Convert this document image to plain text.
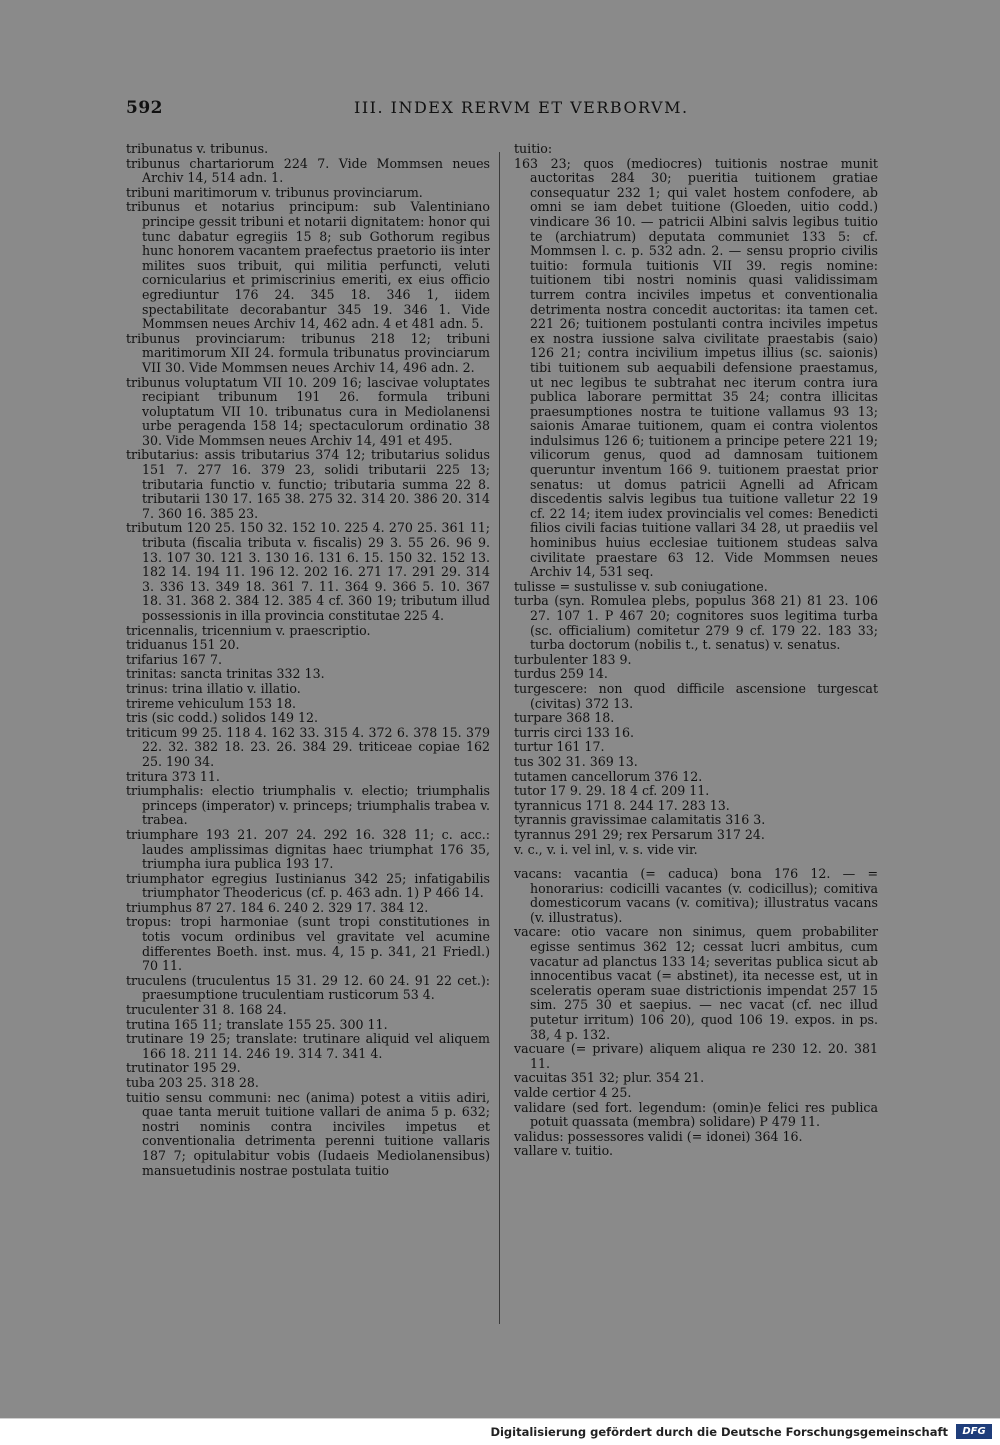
592	III. INDEX RERVM ET VERBORVM.

tribunatus v. tribunus.

tribunus chartariorum 224 7. Vide Mommsen neues Archiv 14, 514 adn. 1.

tribuni maritimorum v. tribunus provinciarum.

tribunus et notarius principum: sub Valentiniano principe gessit tribuni et notarii dignitatem: honor qui tunc dabatur egregiis 15 8; sub Gothorum regibus hunc honorem vacantem praefectus praetorio iis inter milites suos tribuit, qui militia perfuncti, veluti cornicularius et primiscrinius emeriti, ex eius officio egrediuntur 176 24. 345 18. 346 1, iidem spectabilitate decorabantur 345 19. 346 1. Vide Mommsen neues Archiv 14, 462 adn. 4 et 481 adn. 5.

tribunus provinciarum: tribunus 218 12; tribuni maritimorum XII 24. formula tribunatus provinciarum VII 30. Vide Mommsen neues Archiv 14, 496 adn. 2.

tribunus voluptatum VII 10. 209 16; lascivae voluptates recipiant tribunum 191 26. formula tribuni voluptatum VII 10. tribunatus cura in Mediolanensi urbe peragenda 158 14; spectaculorum ordinatio 38 30. Vide Mommsen neues Archiv 14, 491 et 495.

tributarius: assis tributarius 374 12; tributarius solidus 151 7. 277 16. 379 23, solidi tributarii 225 13; tributaria functio v. functio; tributaria summa 22 8. tributarii 130 17. 165 38. 275 32. 314 20. 386 20. 314 7. 360 16. 385 23.

tributum 120 25. 150 32. 152 10. 225 4. 270 25. 361 11; tributa (fiscalia tributa v. fiscalis) 29 3. 55 26. 96 9. 13. 107 30. 121 3. 130 16. 131 6. 15. 150 32. 152 13. 182 14. 194 11. 196 12. 202 16. 271 17. 291 29. 314 3. 336 13. 349 18. 361 7. 11. 364 9. 366 5. 10. 367 18. 31. 368 2. 384 12. 385 4 cf. 360 19; tributum illud possessionis in illa provincia constitutae 225 4.

tricennalis, tricennium v. praescriptio.

triduanus 151 20.

trifarius 167 7.

trinitas: sancta trinitas 332 13.

trinus: trina illatio v. illatio.

trireme vehiculum 153 18.

tris (sic codd.) solidos 149 12.

triticum 99 25. 118 4. 162 33. 315 4. 372 6. 378 15. 379 22. 32. 382 18. 23. 26. 384 29. triticeae copiae 162 25. 190 34.

tritura 373 11.

triumphalis: electio triumphalis v. electio; triumphalis princeps (imperator) v. princeps; triumphalis trabea v. trabea.

triumphare 193 21. 207 24. 292 16. 328 11; c. acc.: laudes amplissimas dignitas haec triumphat 176 35, triumpha iura publica 193 17.

triumphator egregius Iustinianus 342 25; infatigabilis triumphator Theodericus (cf. p. 463 adn. 1) P 466 14.

triumphus 87 27. 184 6. 240 2. 329 17. 384 12.

tropus: tropi harmoniae (sunt tropi constitutiones in totis vocum ordinibus vel gravitate vel acumine differentes Boeth. inst. mus. 4, 15 p. 341, 21 Friedl.) 70 11.

truculens (truculentus 15 31. 29 12. 60 24. 91 22 cet.): praesumptione truculentiam rusticorum 53 4.

truculenter 31 8. 168 24.

trutina 165 11; translate 155 25. 300 11.

trutinare 19 25; translate: trutinare aliquid vel aliquem 166 18. 211 14. 246 19. 314 7. 341 4.

trutinator 195 29.

tuba 203 25. 318 28.

tuitio sensu communi: nec (anima) potest a vitiis adiri, quae tanta meruit tuitione vallari de anima 5 p. 632; nostri nominis contra inciviles impetus et conventionalia detrimenta perenni tuitione vallaris 187 7; opitulabitur vobis (Iudaeis Mediolanensibus) mansuetudinis nostrae postulata tuitio

tuitio:

163 23; quos (mediocres) tuitionis nostrae munit auctoritas 284 30; pueritia tuitionem gratiae consequatur 232 1; qui valet hostem confodere, ab omni se iam debet tuitione (Gloeden, uitio codd.) vindicare 36 10. — patricii Albini salvis legibus tuitio te (archiatrum) deputata communiet 133 5: cf. Mommsen l. c. p. 532 adn. 2. — sensu proprio civilis tuitio: formula tuitionis VII 39. regis nomine: tuitionem tibi nostri nominis quasi validissimam turrem contra inciviles impetus et conventionalia detrimenta nostra concedit auctoritas: ita tamen cet. 221 26; tuitionem postulanti contra inciviles impetus ex nostra iussione salva civilitate praestabis (saio) 126 21; contra incivilium impetus illius (sc. saionis) tibi tuitionem sub aequabili defensione praestamus, ut nec legibus te subtrahat nec iterum contra iura publica laborare permittat 35 24; contra illicitas praesumptiones nostra te tuitione vallamus 93 13; saionis Amarae tuitionem, quam ei contra violentos indulsimus 126 6; tuitionem a principe petere 221 19; vilicorum genus, quod ad damnosam tuitionem queruntur inventum 166 9. tuitionem praestat prior senatus: ut domus patricii Agnelli ad Africam discedentis salvis legibus tua tuitione valletur 22 19 cf. 22 14; item iudex provincialis vel comes: Benedicti filios civili facias tuitione vallari 34 28, ut praediis vel hominibus huius ecclesiae tuitionem studeas salva civilitate praestare 63 12. Vide Mommsen neues Archiv 14, 531 seq.

tulisse = sustulisse v. sub coniugatione.

turba (syn. Romulea plebs, populus 368 21) 81 23. 106 27. 107 1. P 467 20; cognitores suos legitima turba (sc. officialium) comitetur 279 9 cf. 179 22. 183 33; turba doctorum (nobilis t., t. senatus) v. senatus.

turbulenter 183 9.

turdus 259 14.

turgescere: non quod difficile ascensione turgescat (civitas) 372 13.

turpare 368 18.

turris circi 133 16.

turtur 161 17.

tus 302 31. 369 13.

tutamen cancellorum 376 12.

tutor 17 9. 29. 18 4 cf. 209 11.

tyrannicus 171 8. 244 17. 283 13.

tyrannis gravissimae calamitatis 316 3.

tyrannus 291 29; rex Persarum 317 24.

v. c., v. i. vel inl, v. s. vide vir.

vacans: vacantia (= caduca) bona 176 12. — = honorarius: codicilli vacantes (v. codicillus); comitiva domesticorum vacans (v. comitiva); illustratus vacans (v. illustratus).

vacare: otio vacare non sinimus, quem probabiliter egisse sentimus 362 12; cessat lucri ambitus, cum vacatur ad planctus 133 14; severitas publica sicut ab innocentibus vacat (= abstinet), ita necesse est, ut in sceleratis operam suae districtionis impendat 257 15 sim. 275 30 et saepius. — nec vacat (cf. nec illud putetur irritum) 106 20), quod 106 19. expos. in ps. 38, 4 p. 132.

vacuare (= privare) aliquem aliqua re 230 12. 20. 381 11.

vacuitas 351 32; plur. 354 21.

valde certior 4 25.

validare (sed fort. legendum: (omin)e felici res publica potuit quassata (membra) solidare) P 479 11.

validus: possessores validi (= idonei) 364 16.

vallare v. tuitio.

Digitalisierung gefördert durch die Deutsche Forschungsgemeinschaft	DFG
